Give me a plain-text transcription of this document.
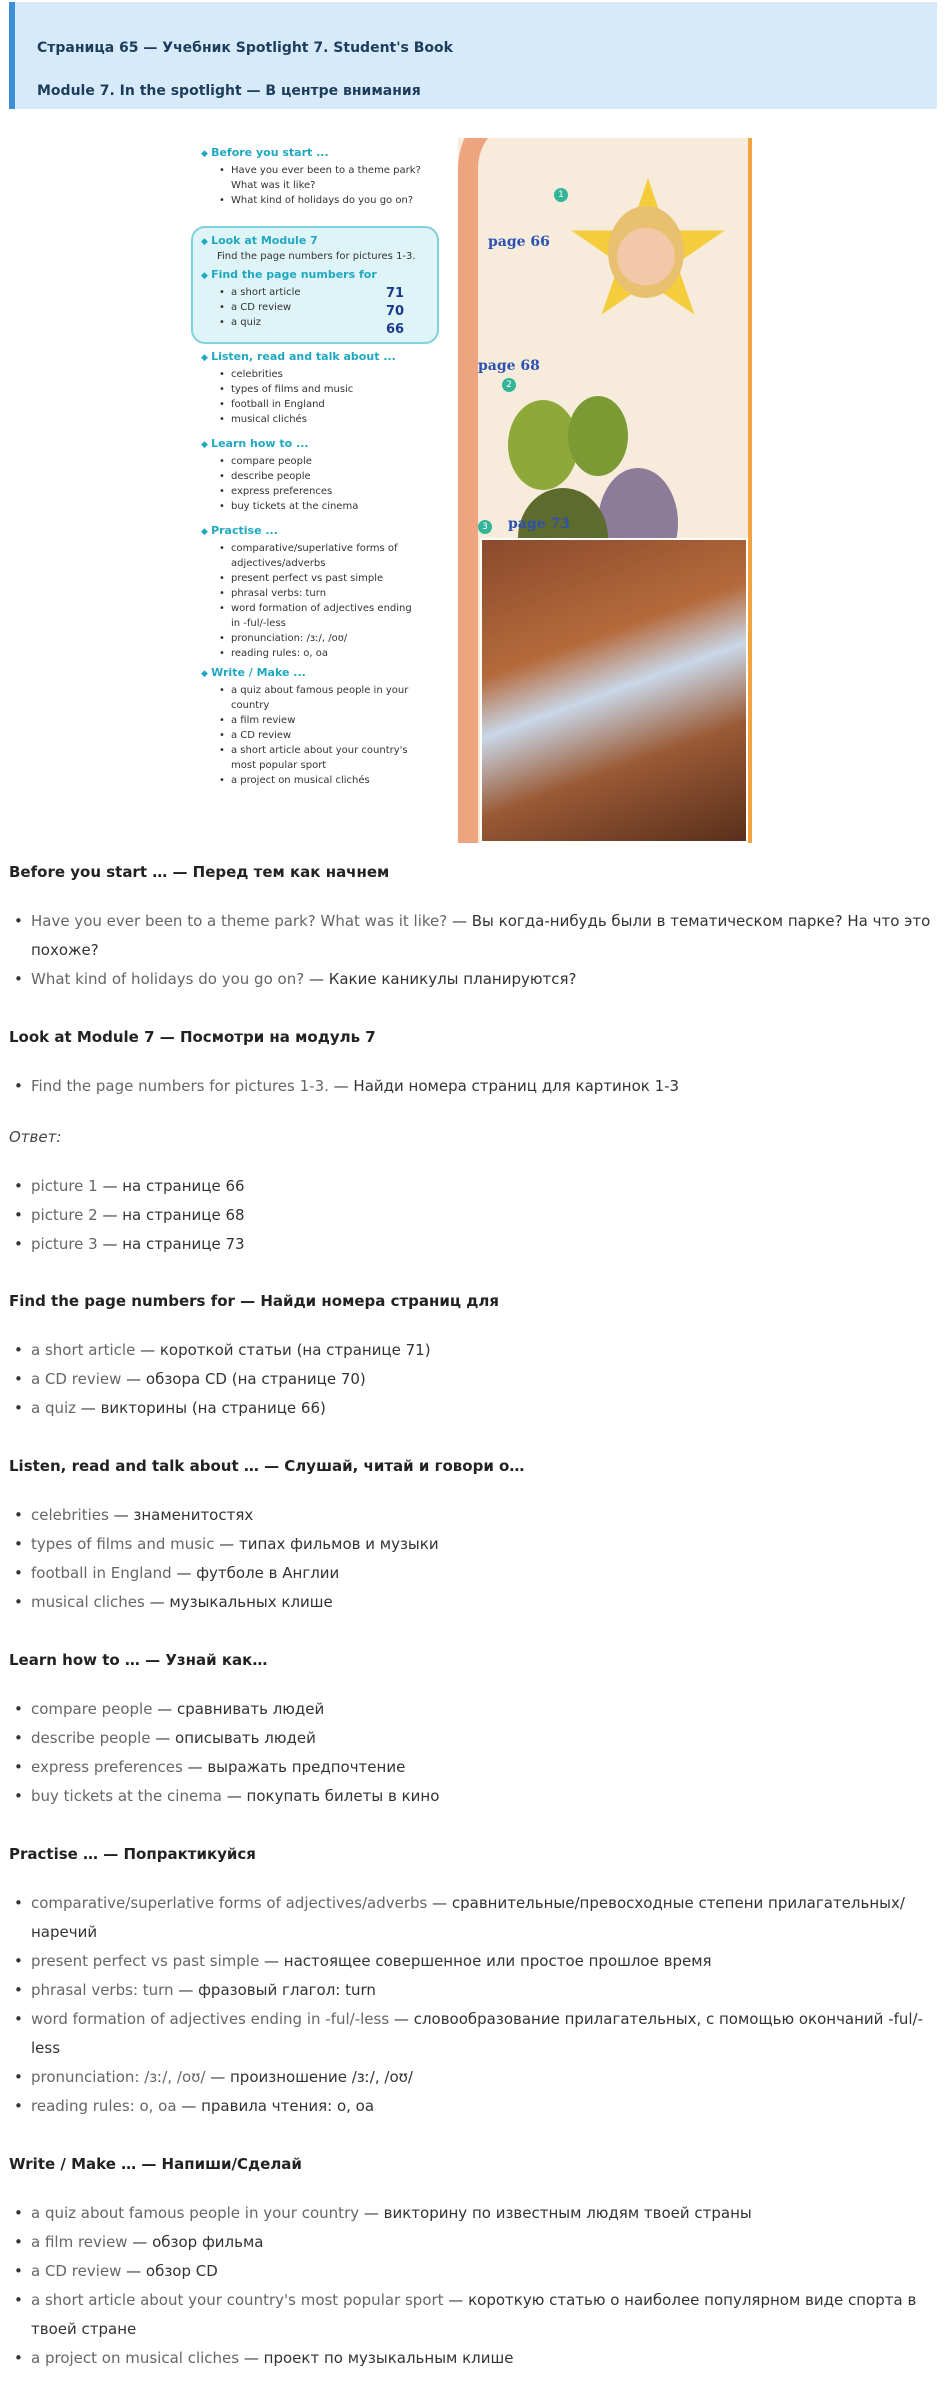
Страница 65 — Учебник Spotlight 7. Student's Book
Module 7. In the spotlight — В центре внимания
◆ Before you start ...
• Have you ever been to a theme park?
What was it like?
• What kind of holidays do you go on?
◆ Look at Module 7
Find the page numbers for pictures 1-3.
◆ Find the page numbers for
• a short article
• a CD review
• a quiz
71
70
66
◆ Listen, read and talk about ...
• celebrities
• types of films and music
• football in England
• musical clichés
◆ Learn how to ...
• compare people
• describe people
• express preferences
• buy tickets at the cinema
◆ Practise ...
• comparative/superlative forms of
adjectives/adverbs
• present perfect vs past simple
• phrasal verbs: turn
• word formation of adjectives ending
in -ful/-less
• pronunciation: /ɜː/, /oʊ/
• reading rules: o, oa
◆ Write / Make ...
• a quiz about famous people in your
country
• a film review
• a CD review
• a short article about your country's
most popular sport
• a project on musical clichés
1
page 66
page 68
2
3 page 73
Before you start … — Перед тем как начнем
• Have you ever been to a theme park? What was it like? — Вы когда-нибудь были в тематическом парке? На что это похоже?
• What kind of holidays do you go on? — Какие каникулы планируются?
Look at Module 7 — Посмотри на модуль 7
• Find the page numbers for pictures 1-3. — Найди номера страниц для картинок 1-3
Ответ:
• picture 1 — на странице 66
• picture 2 — на странице 68
• picture 3 — на странице 73
Find the page numbers for — Найди номера страниц для
• a short article — короткой статьи (на странице 71)
• a CD review — обзора CD (на странице 70)
• a quiz — викторины (на странице 66)
Listen, read and talk about … — Слушай, читай и говори о…
• celebrities — знаменитостях
• types of films and music — типах фильмов и музыки
• football in England — футболе в Англии
• musical cliches — музыкальных клише
Learn how to … — Узнай как…
• compare people — сравнивать людей
• describe people — описывать людей
• express preferences — выражать предпочтение
• buy tickets at the cinema — покупать билеты в кино
Practise … — Попрактикуйся
• comparative/superlative forms of adjectives/adverbs — сравнительные/превосходные степени прилагательных/наречий
• present perfect vs past simple — настоящее совершенное или простое прошлое время
• phrasal verbs: turn — фразовый глагол: turn
• word formation of adjectives ending in -ful/-less — словообразование прилагательных, с помощью окончаний -ful/-less
• pronunciation: /ɜː/, /oʊ/ — произношение /ɜː/, /oʊ/
• reading rules: o, oa — правила чтения: o, oa
Write / Make … — Напиши/Сделай
• a quiz about famous people in your country — викторину по известным людям твоей страны
• a film review — обзор фильма
• a CD review — обзор CD
• a short article about your country's most popular sport — короткую статью о наиболее популярном виде спорта в твоей стране
• a project on musical cliches — проект по музыкальным клише
